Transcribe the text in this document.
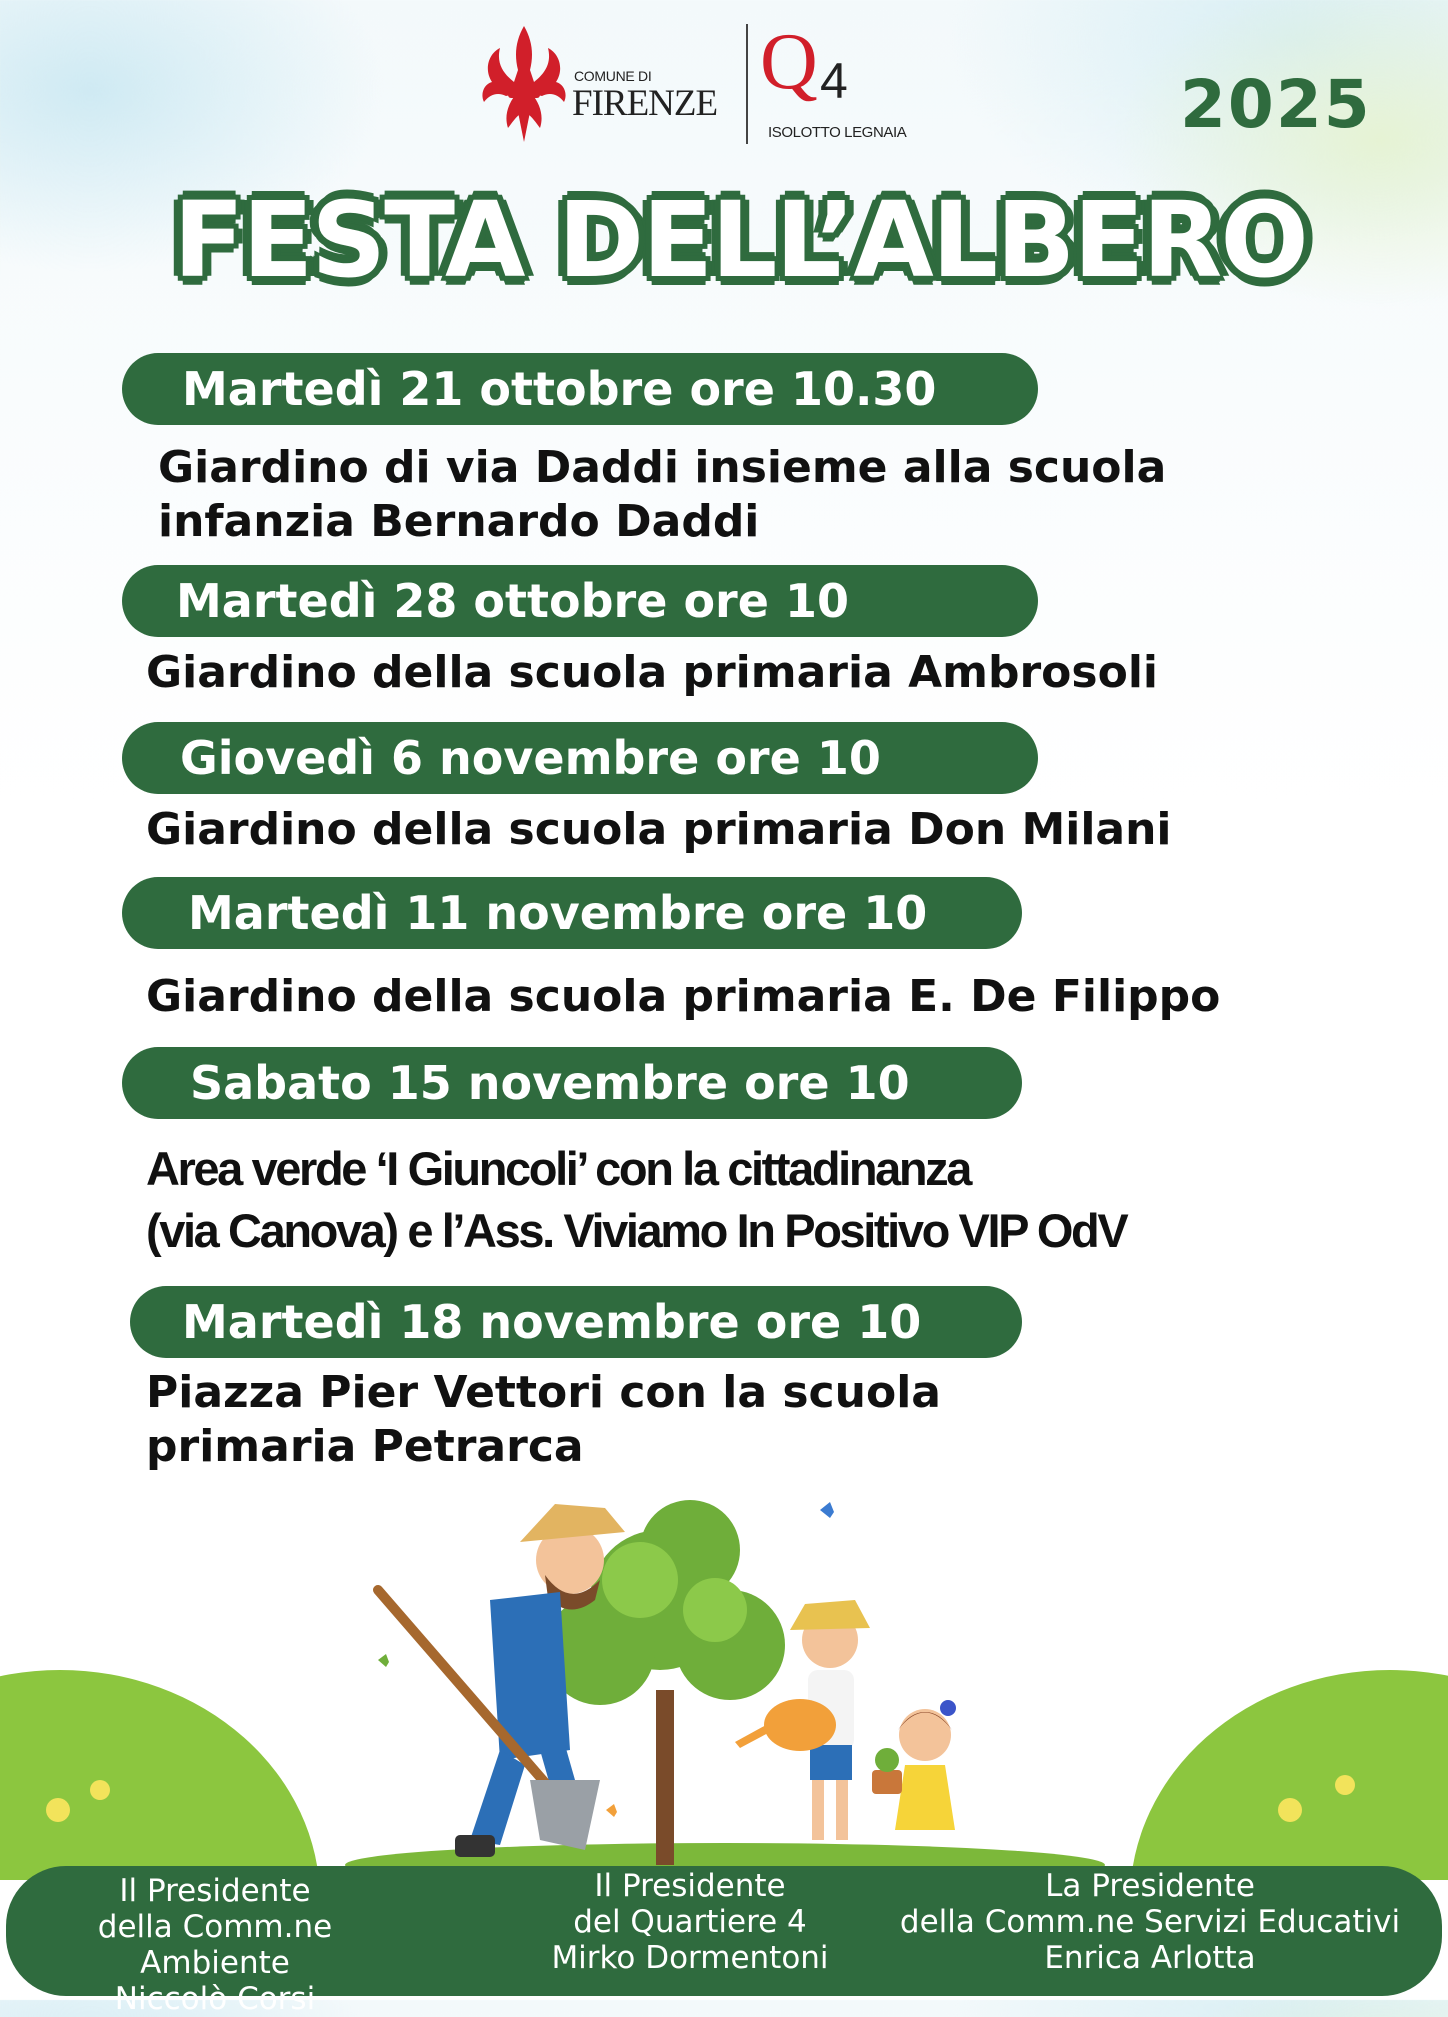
COMUNE DI
FIRENZE Q 4
ISOLOTTO LEGNAIA	2025
FESTA DELL’ALBERO
Martedì 21 ottobre ore 10.30
Giardino di via Daddi insieme alla scuola
infanzia Bernardo Daddi
Martedì 28 ottobre ore 10
Giardino della scuola primaria Ambrosoli
Giovedì 6 novembre ore 10
Giardino della scuola primaria Don Milani
Martedì 11 novembre ore 10
Giardino della scuola primaria E. De Filippo
Sabato 15 novembre ore 10
Area verde ‘I Giuncoli’ con la cittadinanza
(via Canova) e l’Ass. Viviamo In Positivo VIP OdV
Martedì 18 novembre ore 10
Piazza Pier Vettori con la scuola
primaria Petrarca
Il Presidente
della Comm.ne Ambiente
Niccolò Corsi
Il Presidente
del Quartiere 4
Mirko Dormentoni
La Presidente
della Comm.ne Servizi Educativi
Enrica Arlotta
